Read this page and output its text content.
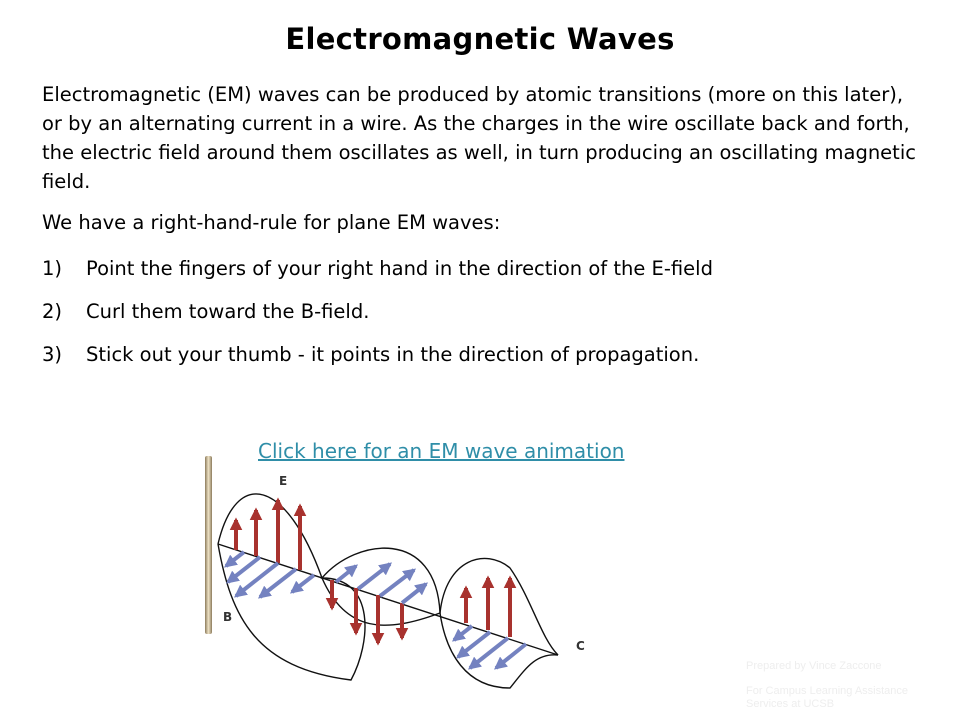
Electromagnetic Waves
Electromagnetic (EM) waves can be produced by atomic transitions (more on this later), or by an alternating current in a wire. As the charges in the wire oscillate back and forth, the electric field around them oscillates as well, in turn producing an oscillating magnetic field.
We have a right-hand-rule for plane EM waves:
1) Point the fingers of your right hand in the direction of the E-field
2) Curl them toward the B-field.
3) Stick out your thumb - it points in the direction of propagation.
E
B
C
Click here for an EM wave animation
Prepared by Vince Zaccone
For Campus Learning Assistance Services at UCSB
